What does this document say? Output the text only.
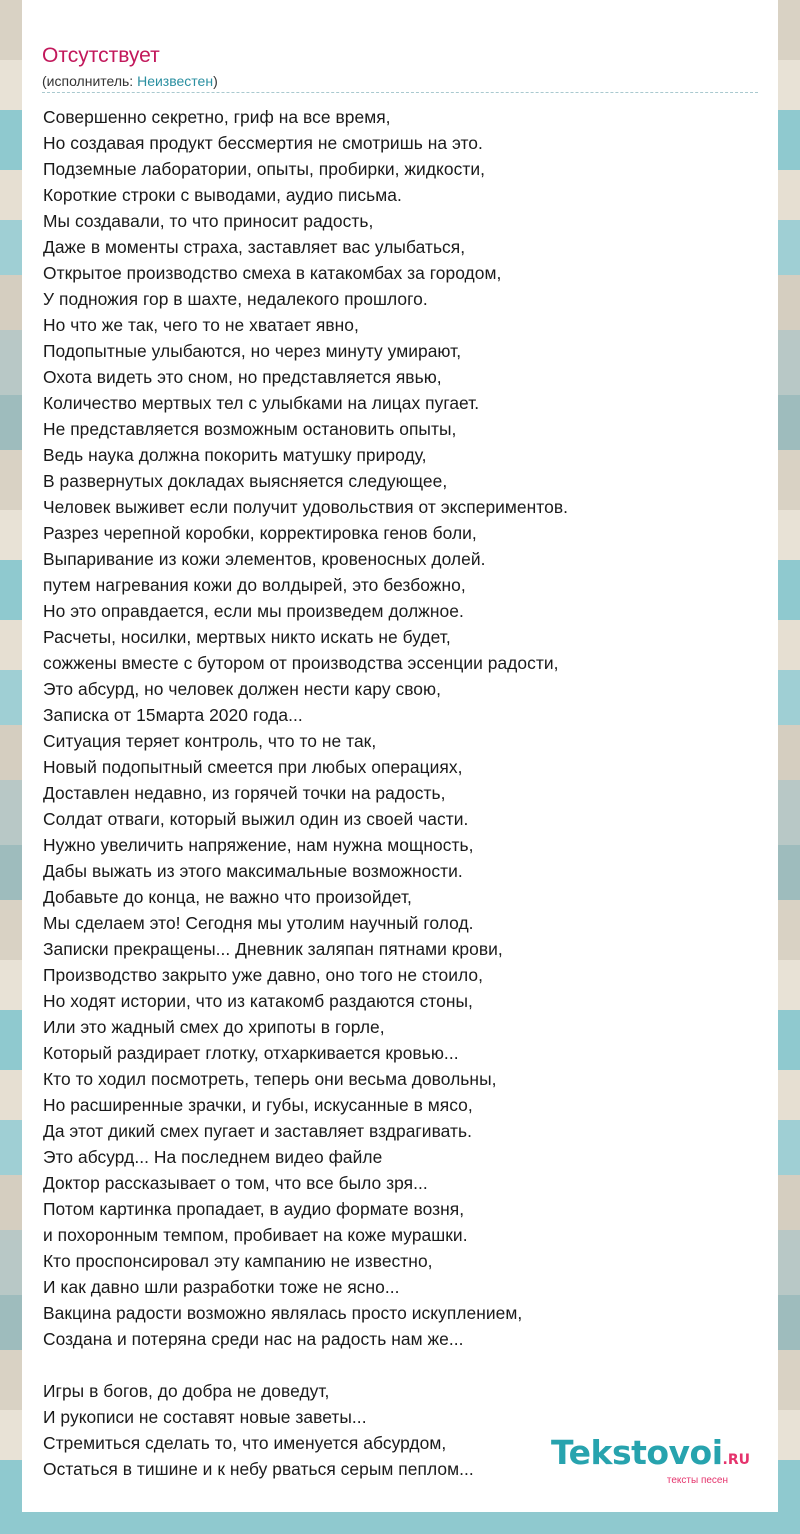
Отсутствует
(исполнитель: Неизвестен)
Совершенно секретно, гриф на все время,
Но создавая продукт бессмертия не смотришь на это.
Подземные лаборатории, опыты, пробирки, жидкости,
Короткие строки с выводами, аудио письма.
Мы создавали, то что приносит радость,
Даже в моменты страха, заставляет вас улыбаться,
Открытое производство смеха в катакомбах за городом,
У подножия гор в шахте, недалекого прошлого.
Но что же так, чего то не хватает явно,
Подопытные улыбаются, но через минуту умирают,
Охота видеть это сном, но представляется явью,
Количество мертвых тел с улыбками на лицах пугает.
Не представляется возможным остановить опыты,
Ведь наука должна покорить матушку природу,
В развернутых докладах выясняется следующее,
Человек выживет если получит удовольствия от экспериментов.
Разрез черепной коробки, корректировка генов боли,
Выпаривание из кожи элементов, кровеносных долей.
путем нагревания кожи до волдырей, это безбожно,
Но это оправдается, если мы произведем должное.
Расчеты, носилки, мертвых никто искать не будет,
сожжены вместе с бутором от производства эссенции радости,
Это абсурд, но человек должен нести кару свою,
Записка от 15марта 2020 года...
Ситуация теряет контроль, что то не так,
Новый подопытный смеется при любых операциях,
Доставлен недавно, из горячей точки на радость,
Солдат отваги, который выжил один из своей части.
Нужно увеличить напряжение, нам нужна мощность,
Дабы выжать из этого максимальные возможности.
Добавьте до конца, не важно что произойдет,
Мы сделаем это! Сегодня мы утолим научный голод.
Записки прекращены... Дневник заляпан пятнами крови,
Производство закрыто уже давно, оно того не стоило,
Но ходят истории, что из катакомб раздаются стоны,
Или это жадный смех до хрипоты в горле,
Который раздирает глотку, отхаркивается кровью...
Кто то ходил посмотреть, теперь они весьма довольны,
Но расширенные зрачки, и губы, искусанные в мясо,
Да этот дикий смех пугает и заставляет вздрагивать.
Это абсурд... На последнем видео файле
Доктор рассказывает о том, что все было зря...
Потом картинка пропадает, в аудио формате возня,
и похоронным темпом, пробивает на коже мурашки.
Кто проспонсировал эту кампанию не известно,
И как давно шли разработки тоже не ясно...
Вакцина радости возможно являлась просто искуплением,
Создана и потеряна среди нас на радость нам же...
Игры в богов, до добра не доведут,
И рукописи не составят новые заветы...
Стремиться сделать то, что именуется абсурдом,
Остаться в тишине и к небу рваться серым пеплом...	Tekstovoi.RU
тексты песен
